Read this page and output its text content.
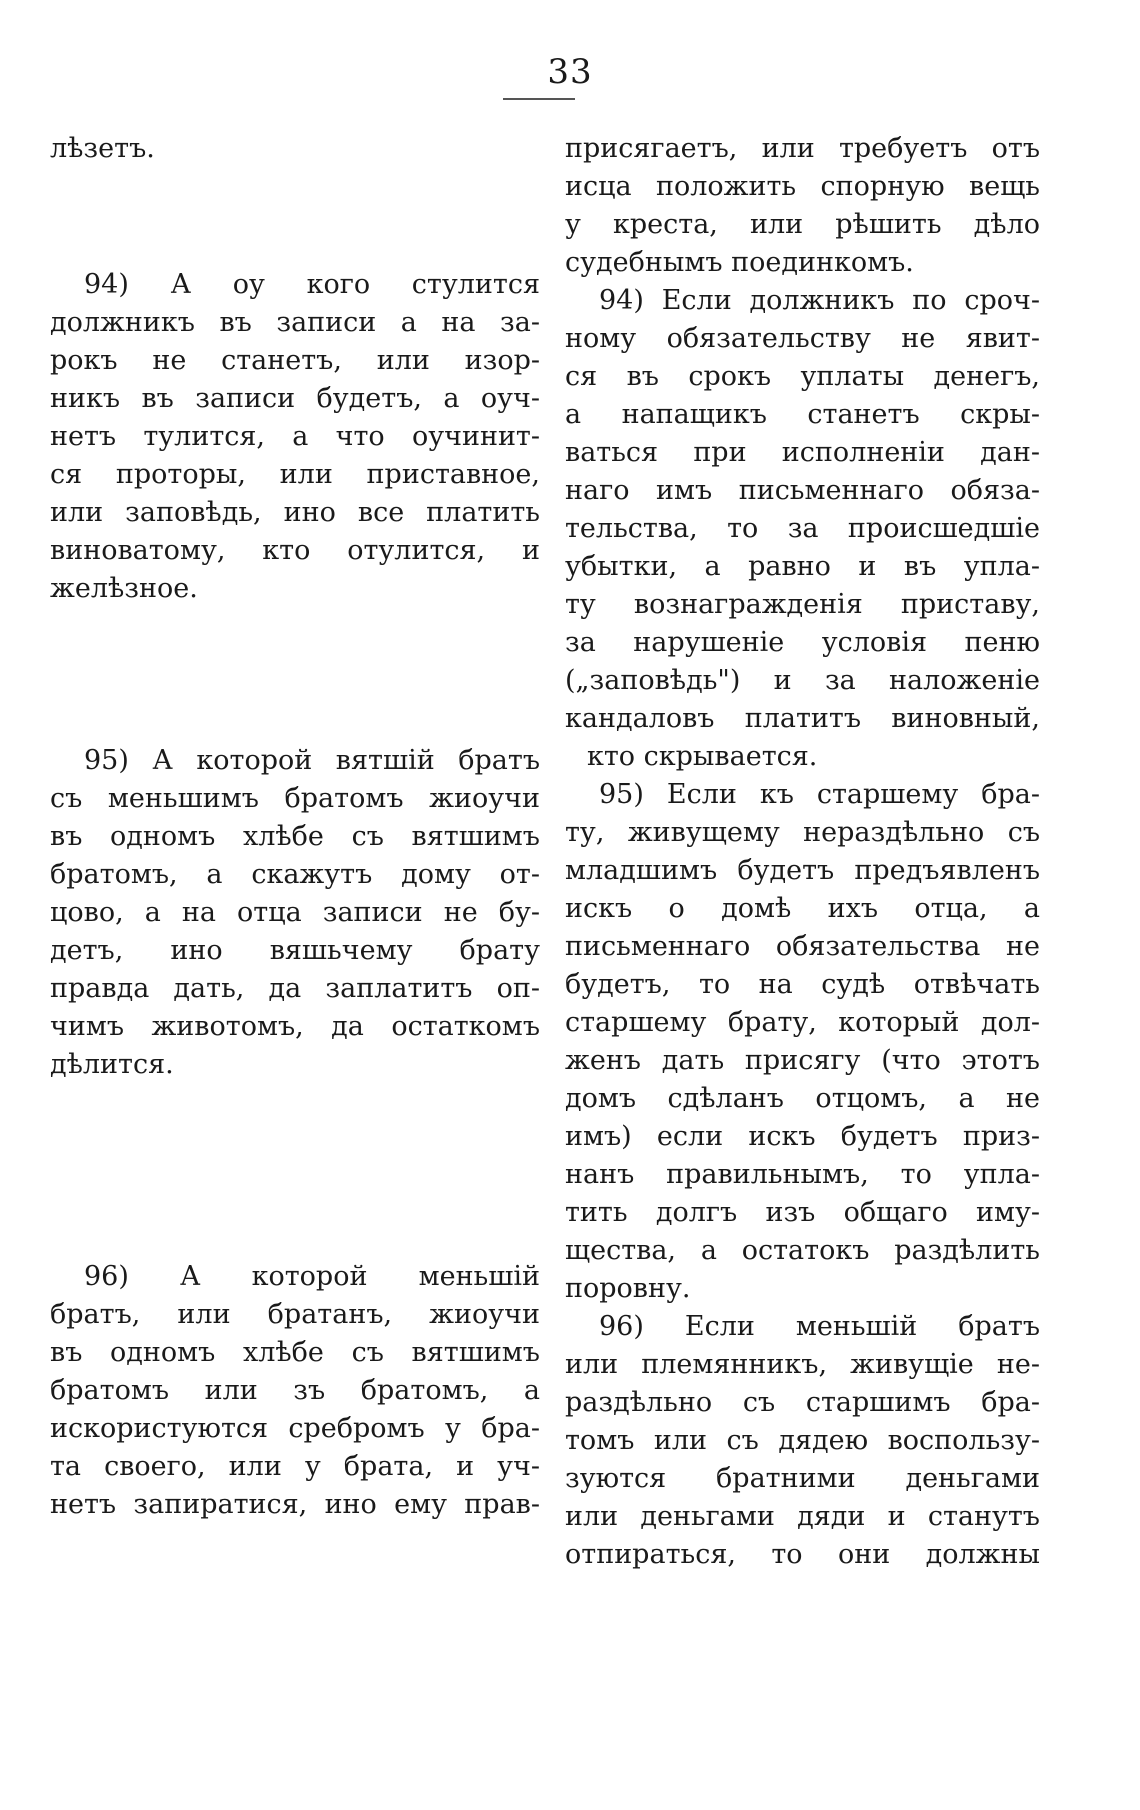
33
лѣзетъ.
94) А оу кого стулится
должникъ въ записи а на за-
рокъ не станетъ, или изор-
никъ въ записи будетъ, а оуч-
нетъ тулится, а что оучинит-
ся проторы, или приставное,
или заповѣдь, ино все платить
виноватому, кто отулится, и
желѣзное.
95) А которой вятшій братъ
съ меньшимъ братомъ жиоучи
въ одномъ хлѣбе съ вятшимъ
братомъ, а скажутъ дому от-
цово, а на отца записи не бу-
детъ, ино вяшьчему брату
правда дать, да заплатитъ оп-
чимъ животомъ, да остаткомъ
дѣлится.
96) А которой меньшій
братъ, или братанъ, жиоучи
въ одномъ хлѣбе съ вятшимъ
братомъ или зъ братомъ, а
искористуются сребромъ у бра-
та своего, или у брата, и уч-
нетъ запиратися, ино ему прав-
присягаетъ, или требуетъ отъ
исца положить спорную вещь
у креста, или рѣшить дѣло
судебнымъ поединкомъ.
94) Если должникъ по сроч-
ному обязательству не явит-
ся въ срокъ уплаты денегъ,
а напащикъ станетъ скры-
ваться при исполненіи дан-
наго имъ письменнаго обяза-
тельства, то за происшедшіе
убытки, а равно и въ упла-
ту вознагражденія приставу,
за нарушеніе условія пеню
(„заповѣдь") и за наложеніе
кандаловъ платитъ виновный,
кто скрывается.
95) Если къ старшему бра-
ту, живущему нераздѣльно съ
младшимъ будетъ предъявленъ
искъ о домѣ ихъ отца, а
письменнаго обязательства не
будетъ, то на судѣ отвѣчать
старшему брату, который дол-
женъ дать присягу (что этотъ
домъ сдѣланъ отцомъ, а не
имъ) если искъ будетъ приз-
нанъ правильнымъ, то упла-
тить долгъ изъ общаго иму-
щества, а остатокъ раздѣлить
поровну.
96) Если меньшій братъ
или племянникъ, живущіе не-
раздѣльно съ старшимъ бра-
томъ или съ дядею воспользу-
зуются братними деньгами
или деньгами дяди и станутъ
отпираться, то они должны
